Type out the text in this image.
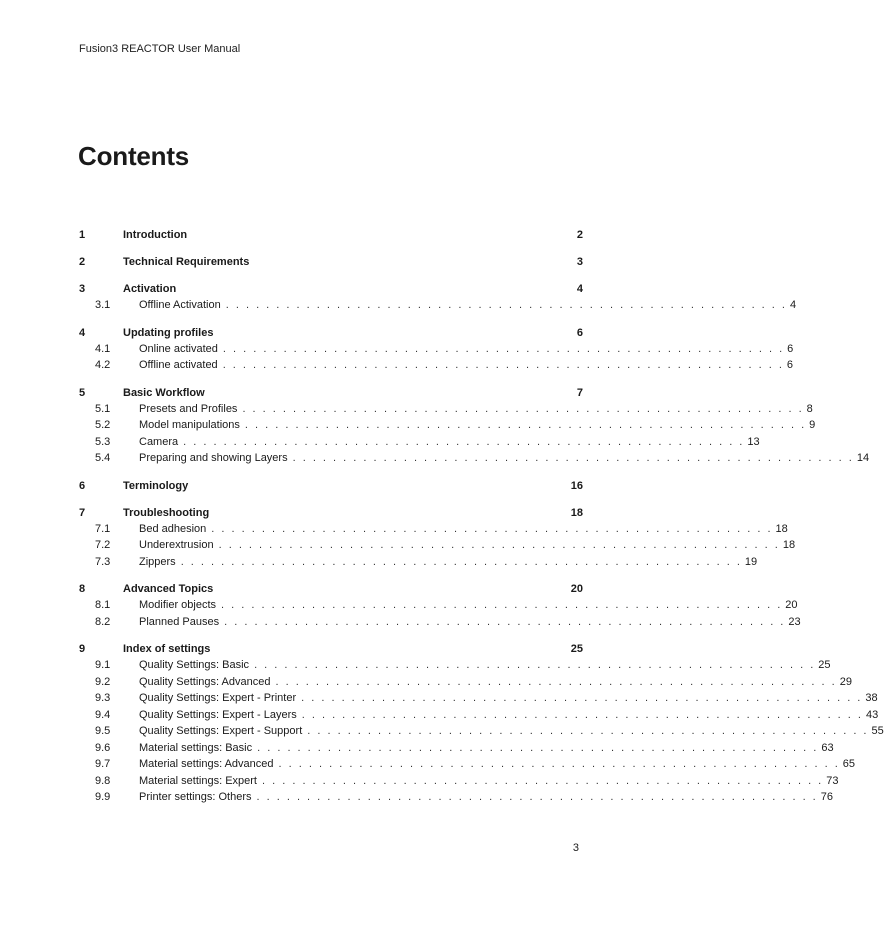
Fusion3 REACTOR User Manual
Contents
1	Introduction	2
2	Technical Requirements	3
3	Activation	4
3.1	Offline Activation . . . . . . . . . . . . . . . . . . . . . . . . . . . . . . . . . . . . . . . . . . . . . . . . . . . . . . . . 4
4	Updating profiles	6
4.1	Online activated . . . . . . . . . . . . . . . . . . . . . . . . . . . . . . . . . . . . . . . . . . . . . . . . . . . . . . . . 6
4.2	Offline activated . . . . . . . . . . . . . . . . . . . . . . . . . . . . . . . . . . . . . . . . . . . . . . . . . . . . . . . . 6
5	Basic Workflow	7
5.1	Presets and Profiles . . . . . . . . . . . . . . . . . . . . . . . . . . . . . . . . . . . . . . . . . . . . . . . . . . . . . . . . 8
5.2	Model manipulations . . . . . . . . . . . . . . . . . . . . . . . . . . . . . . . . . . . . . . . . . . . . . . . . . . . . . . . . 9
5.3	Camera . . . . . . . . . . . . . . . . . . . . . . . . . . . . . . . . . . . . . . . . . . . . . . . . . . . . . . . . 13
5.4	Preparing and showing Layers . . . . . . . . . . . . . . . . . . . . . . . . . . . . . . . . . . . . . . . . . . . . . . . . . . . . . . . . 14
6	Terminology	16
7	Troubleshooting	18
7.1	Bed adhesion . . . . . . . . . . . . . . . . . . . . . . . . . . . . . . . . . . . . . . . . . . . . . . . . . . . . . . . . 18
7.2	Underextrusion . . . . . . . . . . . . . . . . . . . . . . . . . . . . . . . . . . . . . . . . . . . . . . . . . . . . . . . . 18
7.3	Zippers . . . . . . . . . . . . . . . . . . . . . . . . . . . . . . . . . . . . . . . . . . . . . . . . . . . . . . . . 19
8	Advanced Topics	20
8.1	Modifier objects . . . . . . . . . . . . . . . . . . . . . . . . . . . . . . . . . . . . . . . . . . . . . . . . . . . . . . . . 20
8.2	Planned Pauses . . . . . . . . . . . . . . . . . . . . . . . . . . . . . . . . . . . . . . . . . . . . . . . . . . . . . . . . 23
9	Index of settings	25
9.1	Quality Settings: Basic . . . . . . . . . . . . . . . . . . . . . . . . . . . . . . . . . . . . . . . . . . . . . . . . . . . . . . . . 25
9.2	Quality Settings: Advanced . . . . . . . . . . . . . . . . . . . . . . . . . . . . . . . . . . . . . . . . . . . . . . . . . . . . . . . . 29
9.3	Quality Settings: Expert - Printer . . . . . . . . . . . . . . . . . . . . . . . . . . . . . . . . . . . . . . . . . . . . . . . . . . . . . . . . 38
9.4	Quality Settings: Expert - Layers . . . . . . . . . . . . . . . . . . . . . . . . . . . . . . . . . . . . . . . . . . . . . . . . . . . . . . . . 43
9.5	Quality Settings: Expert - Support . . . . . . . . . . . . . . . . . . . . . . . . . . . . . . . . . . . . . . . . . . . . . . . . . . . . . . . . 55
9.6	Material settings: Basic . . . . . . . . . . . . . . . . . . . . . . . . . . . . . . . . . . . . . . . . . . . . . . . . . . . . . . . . 63
9.7	Material settings: Advanced . . . . . . . . . . . . . . . . . . . . . . . . . . . . . . . . . . . . . . . . . . . . . . . . . . . . . . . . 65
9.8	Material settings: Expert . . . . . . . . . . . . . . . . . . . . . . . . . . . . . . . . . . . . . . . . . . . . . . . . . . . . . . . . 73
9.9	Printer settings: Others . . . . . . . . . . . . . . . . . . . . . . . . . . . . . . . . . . . . . . . . . . . . . . . . . . . . . . . . 76
3
